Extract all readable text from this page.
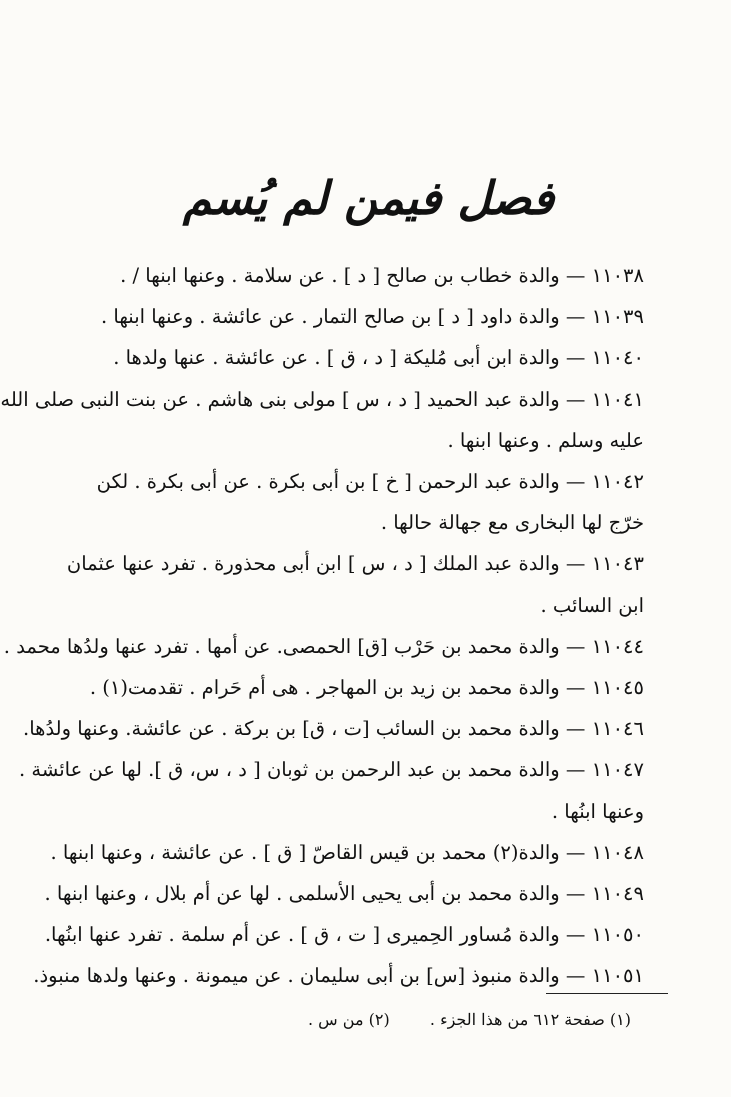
فصل فيمن لم يُسم
١١٠٣٨ — والدة خطاب بن صالح [ د ] . عن سلامة . وعنها ابنها / .
١١٠٣٩ — والدة داود [ د ] بن صالح التمار . عن عائشة . وعنها ابنها .
١١٠٤٠ — والدة ابن أبى مُليكة [ د ، ق ] . عن عائشة . عنها ولدها .
١١٠٤١ — والدة عبد الحميد [ د ، س ] مولى بنى هاشم . عن بنت النبى صلى الله
عليه وسلم . وعنها ابنها .
١١٠٤٢ — والدة عبد الرحمن [ خ ] بن أبى بكرة . عن أبى بكرة . لكن
خرّج لها البخارى مع جهالة حالها .
١١٠٤٣ — والدة عبد الملك [ د ، س ] ابن أبى محذورة . تفرد عنها عثمان
ابن السائب .
١١٠٤٤ — والدة محمد بن حَرْب [ق] الحمصى. عن أمها . تفرد عنها ولدُها محمد .
١١٠٤٥ — والدة محمد بن زيد بن المهاجر . هى أم حَرام . تقدمت(١) .
١١٠٤٦ — والدة محمد بن السائب [ت ، ق] بن بركة . عن عائشة. وعنها ولدُها.
١١٠٤٧ — والدة محمد بن عبد الرحمن بن ثوبان [ د ، س، ق ]. لها عن عائشة .
وعنها ابنُها .
١١٠٤٨ — والدة(٢) محمد بن قيس القاصّ [ ق ] . عن عائشة ، وعنها ابنها .
١١٠٤٩ — والدة محمد بن أبى يحيى الأسلمى . لها عن أم بلال ، وعنها ابنها .
١١٠٥٠ — والدة مُساور الحِميرى [ ت ، ق ] . عن أم سلمة . تفرد عنها ابنُها.
١١٠٥١ — والدة منبوذ [س] بن أبى سليمان . عن ميمونة . وعنها ولدها منبوذ.
(١) صفحة ٦١٢ من هذا الجزء .  (٢) من س .
